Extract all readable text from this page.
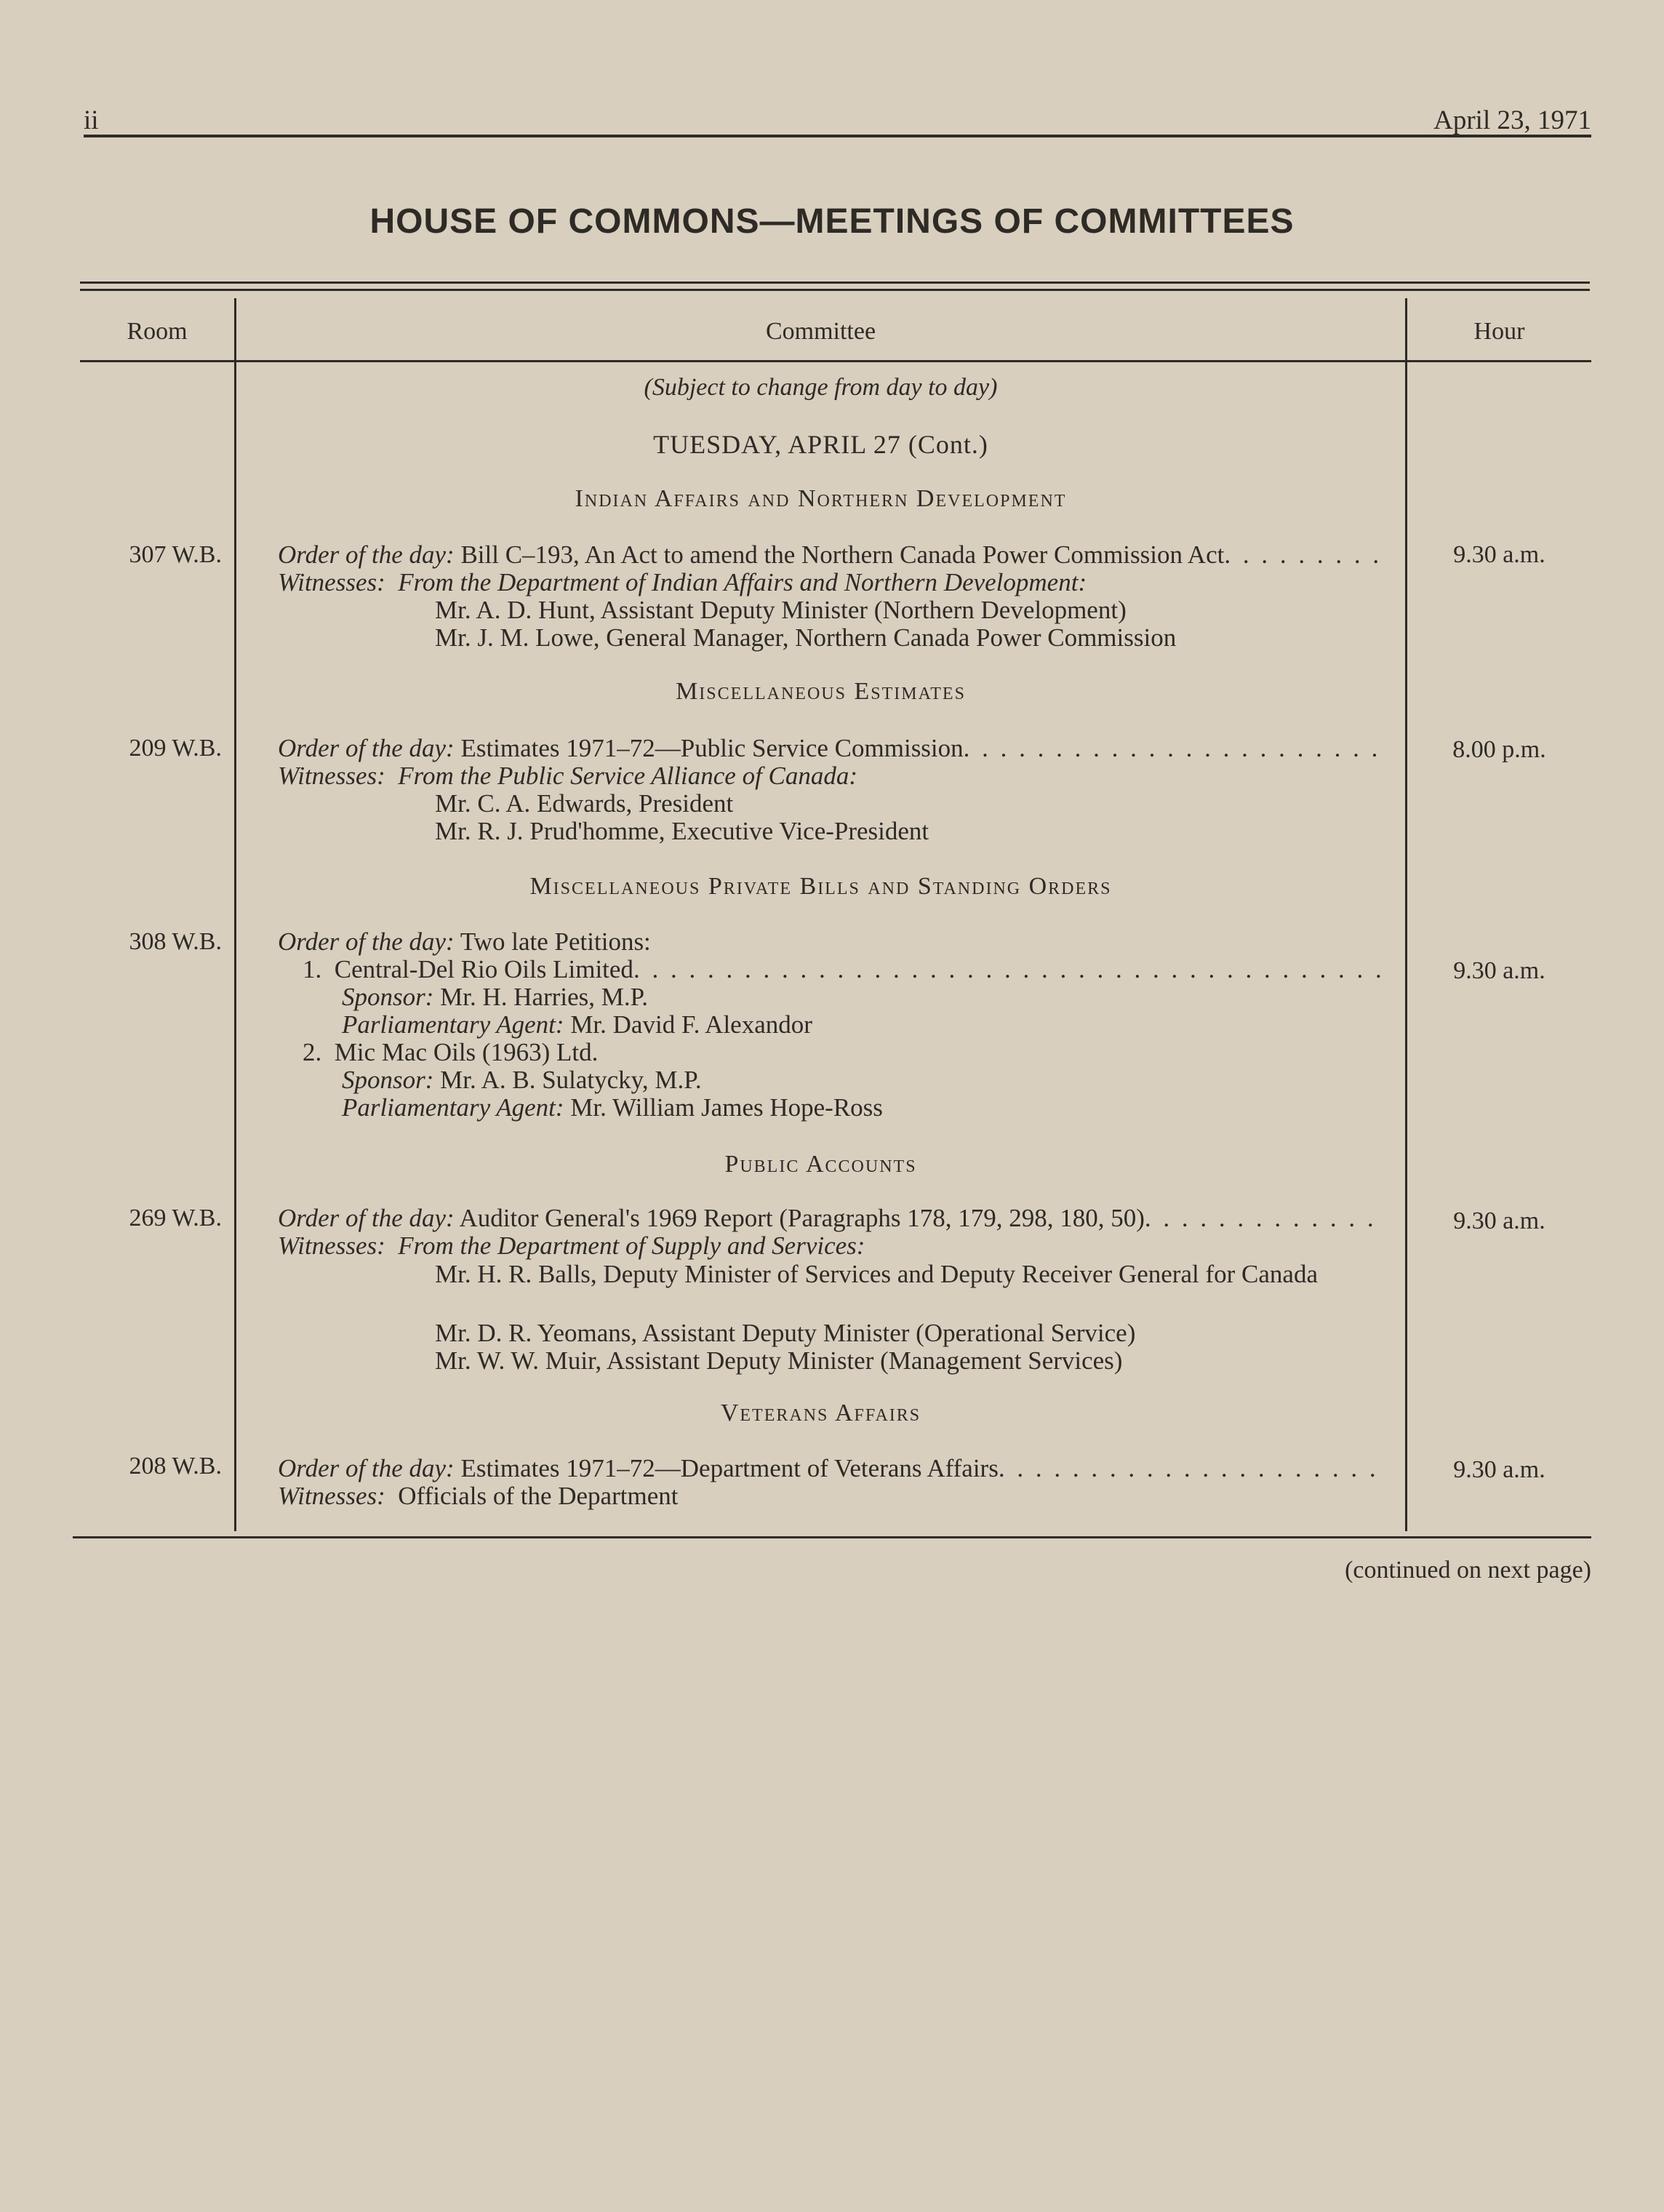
ii	April 23, 1971
HOUSE OF COMMONS—MEETINGS OF COMMITTEES
Room	Committee	Hour
(Subject to change from day to day)
TUESDAY, APRIL 27 (Cont.)
Indian Affairs and Northern Development
307 W.B.	9.30 a.m.
Order of the day: Bill C–193, An Act to amend the Northern Canada Power Commission Act
. . .
Witnesses: From the Department of Indian Affairs and Northern Development:
Mr. A. D. Hunt, Assistant Deputy Minister (Northern Development)
Mr. J. M. Lowe, General Manager, Northern Canada Power Commission
Miscellaneous Estimates
209 W.B.	8.00 p.m.
Order of the day: Estimates 1971–72—Public Service Commission
. . .
Witnesses: From the Public Service Alliance of Canada:
Mr. C. A. Edwards, President
Mr. R. J. Prud'homme, Executive Vice-President
Miscellaneous Private Bills and Standing Orders
308 W.B.
9.30 a.m.
Order of the day: Two late Petitions:
1. Central-Del Rio Oils Limited
. . .
Sponsor: Mr. H. Harries, M.P.
Parliamentary Agent: Mr. David F. Alexandor
2. Mic Mac Oils (1963) Ltd.
Sponsor: Mr. A. B. Sulatycky, M.P.
Parliamentary Agent: Mr. William James Hope-Ross
Public Accounts
269 W.B.	9.30 a.m.
Order of the day: Auditor General's 1969 Report (Paragraphs 178, 179, 298, 180, 50)
. . .
Witnesses: From the Department of Supply and Services:
Mr. H. R. Balls, Deputy Minister of Services and Deputy Receiver General for Canada
Mr. D. R. Yeomans, Assistant Deputy Minister (Operational Service)
Mr. W. W. Muir, Assistant Deputy Minister (Management Services)
Veterans Affairs
208 W.B.	9.30 a.m.
Order of the day: Estimates 1971–72—Department of Veterans Affairs
. . .
Witnesses: Officials of the Department
(continued on next page)
